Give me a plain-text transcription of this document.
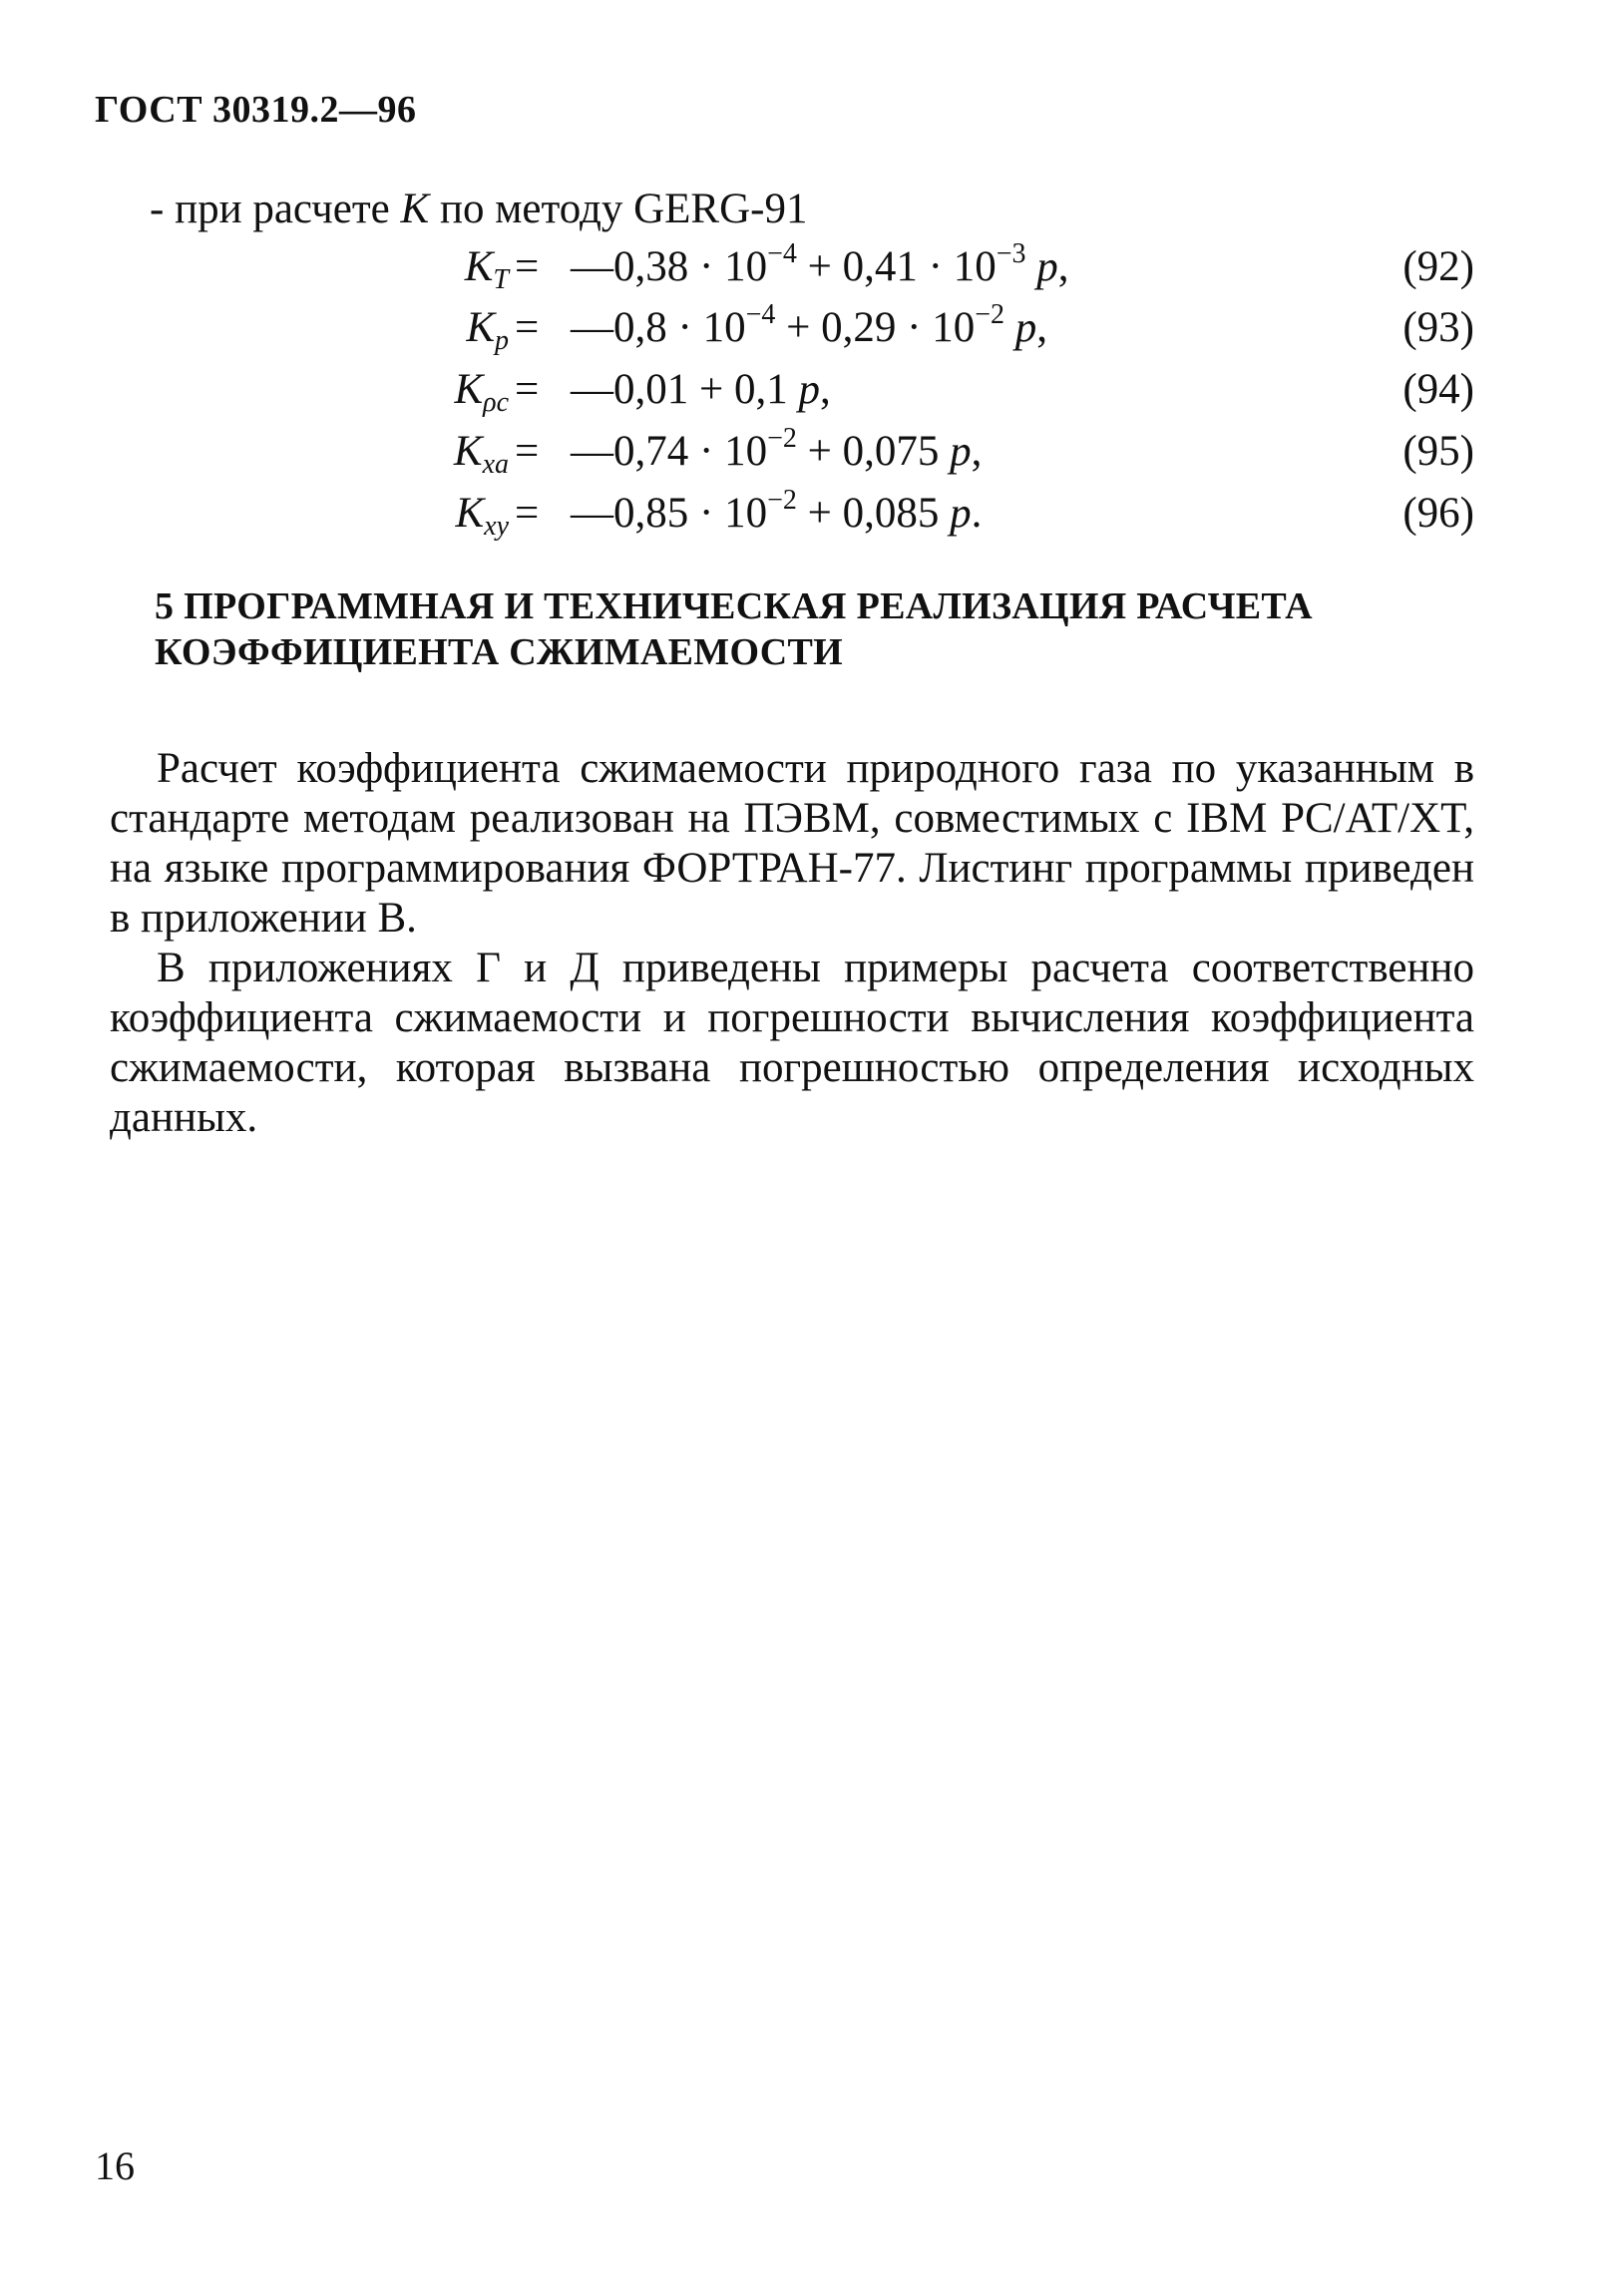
ГОСТ 30319.2—96
- при расчете K по методу GERG-91
$K_T$ = —0,38 · $10^{-4} + 0,41 \cdot 10^{-3}$ p,	(92)
$K_p$ = —0,8 · $10^{-4} + 0,29 \cdot 10^{-2}$ p,	(93)
$K_{\rho c}$ = —0,01 + 0,1 p,	(94)
$K_{xa}$ = —0,74 · $10^{-2} + 0,075$ p,	(95)
$K_{xy}$ = —0,85 · $10^{-2} + 0,085$ p.	(96)
5 ПРОГРАММНАЯ И ТЕХНИЧЕСКАЯ РЕАЛИЗАЦИЯ РАСЧЕТА КОЭФФИЦИЕНТА СЖИМАЕМОСТИ

Расчет коэффициента сжимаемости природного газа по указанным в стандарте методам реализован на ПЭВМ, совместимых с IBM PC/AT/XT, на языке программирования ФОРТРАН-77. Листинг программы приведен в приложении В.

В приложениях Г и Д приведены примеры расчета соответственно коэффициента сжимаемости и погрешности вычисления коэффициента сжимаемости, которая вызвана погрешностью определения исходных данных.

16
